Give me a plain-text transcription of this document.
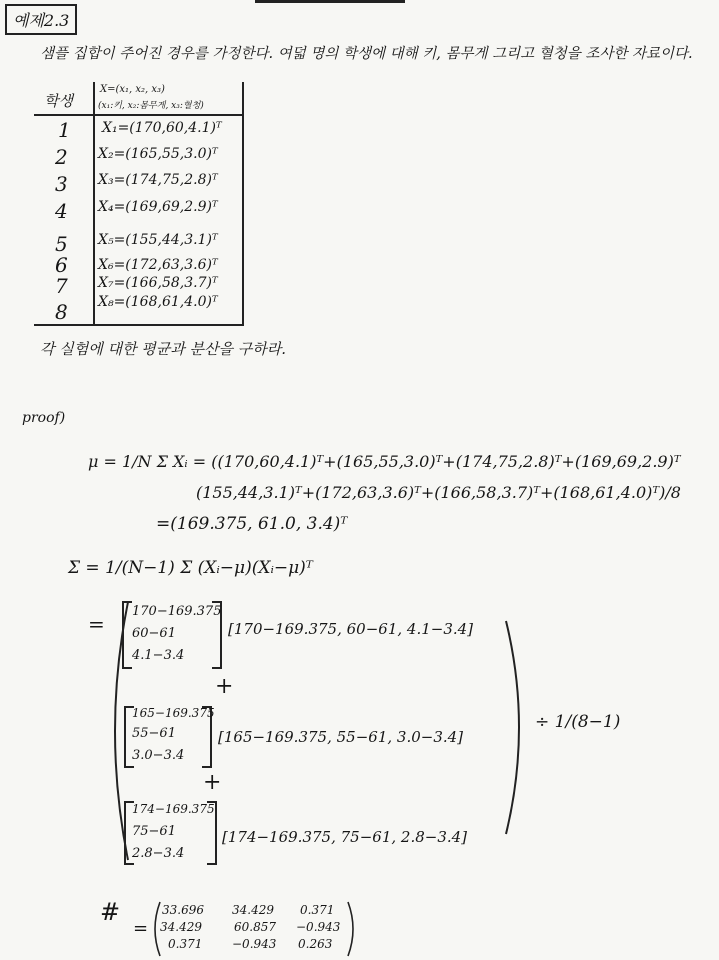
예제2.3
샘플 집합이 주어진 경우를 가정한다. 여덟 명의 학생에 대해 키, 몸무게 그리고 혈청을 조사한 자료이다.
학생
X=(x₁, x₂, x₃)
(x₁:키, x₂:몸무게, x₃:혈청)
1 X₁=(170,60,4.1)ᵀ
2 X₂=(165,55,3.0)ᵀ
3 X₃=(174,75,2.8)ᵀ
4 X₄=(169,69,2.9)ᵀ
5 X₅=(155,44,3.1)ᵀ
6 X₆=(172,63,3.6)ᵀ
7 X₇=(166,58,3.7)ᵀ
8 X₈=(168,61,4.0)ᵀ
각 실험에 대한 평균과 분산을 구하라.
proof)
μ = 1/N Σ Xᵢ = ((170,60,4.1)ᵀ+(165,55,3.0)ᵀ+(174,75,2.8)ᵀ+(169,69,2.9)ᵀ
(155,44,3.1)ᵀ+(172,63,3.6)ᵀ+(166,58,3.7)ᵀ+(168,61,4.0)ᵀ)/8
=(169.375, 61.0, 3.4)ᵀ
Σ = 1/(N−1) Σ (Xᵢ−μ)(Xᵢ−μ)ᵀ
=
170−169.375
60−61
4.1−3.4
[170−169.375, 60−61, 4.1−3.4]
+
165−169.375
55−61
3.0−3.4
[165−169.375, 55−61, 3.0−3.4]
÷ 1/(8−1)
+
174−169.375
75−61
2.8−3.4
[174−169.375, 75−61, 2.8−3.4]
#
=
33.696 34.429 0.371
34.429	60.857 −0.943
0.371 −0.943 0.263
